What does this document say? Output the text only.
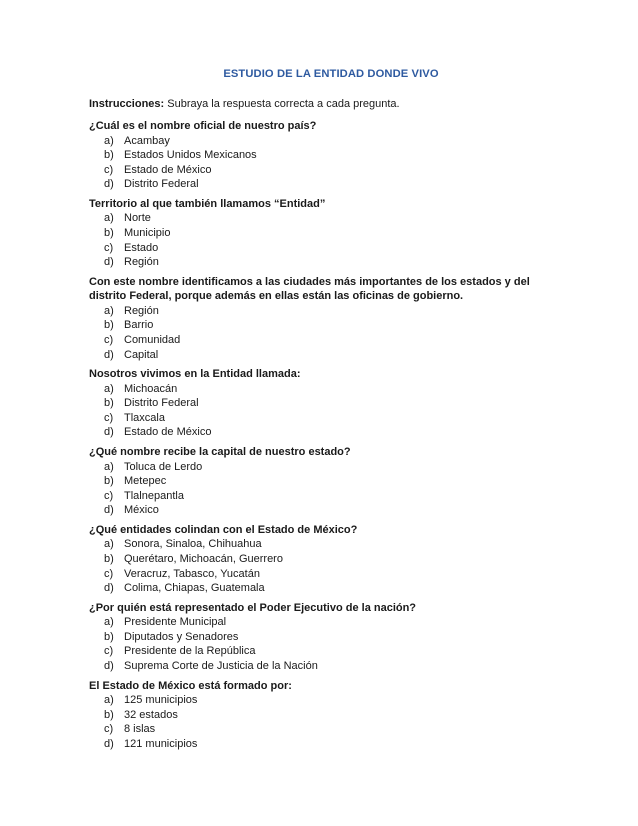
ESTUDIO DE LA ENTIDAD DONDE VIVO

Instrucciones: Subraya la respuesta correcta a cada pregunta.

¿Cuál es el nombre oficial de nuestro país?

a) Acambay
b) Estados Unidos Mexicanos
c) Estado de México
d) Distrito Federal

Territorio al que también llamamos “Entidad”

a) Norte
b) Municipio
c) Estado
d) Región

Con este nombre identificamos a las ciudades más importantes de los estados y del distrito Federal, porque además en ellas están las oficinas de gobierno.

a) Región
b) Barrio
c) Comunidad
d) Capital

Nosotros vivimos en la Entidad llamada:

a) Michoacán
b) Distrito Federal
c) Tlaxcala
d) Estado de México

¿Qué nombre recibe la capital de nuestro estado?

a) Toluca de Lerdo
b) Metepec
c) Tlalnepantla
d) México

¿Qué entidades colindan con el Estado de México?

a) Sonora, Sinaloa, Chihuahua
b) Querétaro, Michoacán, Guerrero
c) Veracruz, Tabasco, Yucatán
d) Colima, Chiapas, Guatemala

¿Por quién está representado el Poder Ejecutivo de la nación?

a) Presidente Municipal
b) Diputados y Senadores
c) Presidente de la República
d) Suprema Corte de Justicia de la Nación

El Estado de México está formado por:

a) 125 municipios
b) 32 estados
c) 8 islas
d) 121 municipios
